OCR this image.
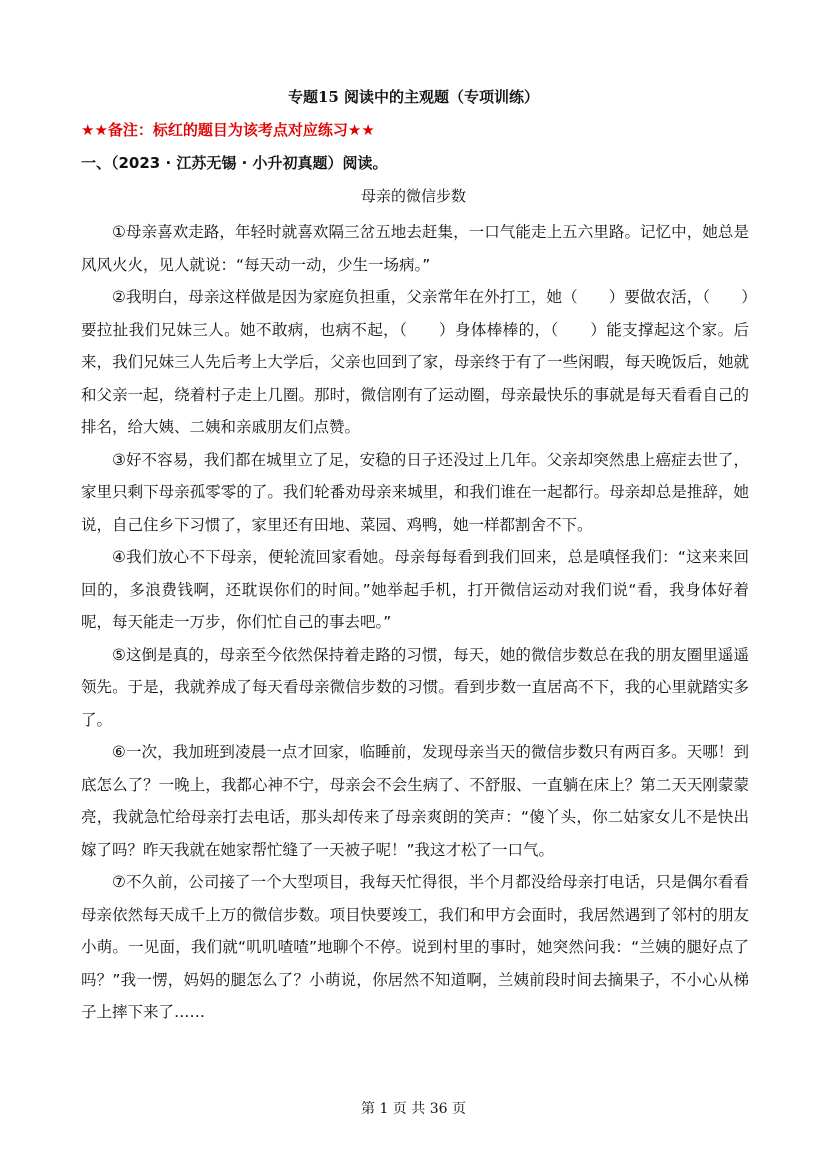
专题15 阅读中的主观题（专项训练）
★★备注：标红的题目为该考点对应练习★★
一、（2023 · 江苏无锡 · 小升初真题）阅读。
母亲的微信步数

①母亲喜欢走路，年轻时就喜欢隔三岔五地去赶集，一口气能走上五六里路。记忆中，她总是风风火火，见人就说：“每天动一动，少生一场病。”

②我明白，母亲这样做是因为家庭负担重，父亲常年在外打工，她（　　）要做农活，（　　）要拉扯我们兄妹三人。她不敢病，也病不起，（　　）身体棒棒的，（　　）能支撑起这个家。后来，我们兄妹三人先后考上大学后，父亲也回到了家，母亲终于有了一些闲暇，每天晚饭后，她就和父亲一起，绕着村子走上几圈。那时，微信刚有了运动圈，母亲最快乐的事就是每天看看自己的排名，给大姨、二姨和亲戚朋友们点赞。

③好不容易，我们都在城里立了足，安稳的日子还没过上几年。父亲却突然患上癌症去世了，家里只剩下母亲孤零零的了。我们轮番劝母亲来城里，和我们谁在一起都行。母亲却总是推辞，她说，自己住乡下习惯了，家里还有田地、菜园、鸡鸭，她一样都割舍不下。

④我们放心不下母亲，便轮流回家看她。母亲每每看到我们回来，总是嗔怪我们：“这来来回回的，多浪费钱啊，还耽误你们的时间。”她举起手机，打开微信运动对我们说“看，我身体好着呢，每天能走一万步，你们忙自己的事去吧。”

⑤这倒是真的，母亲至今依然保持着走路的习惯，每天，她的微信步数总在我的朋友圈里遥遥领先。于是，我就养成了每天看母亲微信步数的习惯。看到步数一直居高不下，我的心里就踏实多了。

⑥一次，我加班到凌晨一点才回家，临睡前，发现母亲当天的微信步数只有两百多。天哪！到底怎么了？一晚上，我都心神不宁，母亲会不会生病了、不舒服、一直躺在床上？第二天天刚蒙蒙亮，我就急忙给母亲打去电话，那头却传来了母亲爽朗的笑声：“傻丫头，你二姑家女儿不是快出嫁了吗？昨天我就在她家帮忙缝了一天被子呢！”我这才松了一口气。

⑦不久前，公司接了一个大型项目，我每天忙得很，半个月都没给母亲打电话，只是偶尔看看母亲依然每天成千上万的微信步数。项目快要竣工，我们和甲方会面时，我居然遇到了邻村的朋友小萌。一见面，我们就“叽叽喳喳”地聊个不停。说到村里的事时，她突然问我：“兰姨的腿好点了吗？”我一愣，妈妈的腿怎么了？小萌说，你居然不知道啊，兰姨前段时间去摘果子，不小心从梯子上摔下来了……

第 1 页 共 36 页
